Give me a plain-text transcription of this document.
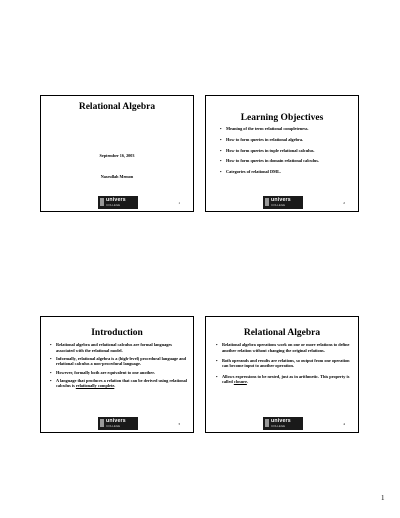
Relational Algebra
September 16, 2003
Nasrullah Memon
univers
COLLEGE	1
Learning Objectives
• Meaning of the term relational completeness.
• How to form queries in relational algebra.
• How to form queries in tuple relational calculus.
• How to form queries in domain relational calculus.
• Categories of relational DML.
univers
COLLEGE	2
Introduction
• Relational algebra and relational calculus are formal languages associated with the relational model.
• Informally, relational algebra is a (high-level) procedural language and relational calculus a non-procedural language.
• However, formally both are equivalent to one another.
• A language that produces a relation that can be derived using relational calculus is relationally complete.
univers
COLLEGE	3
Relational Algebra
• Relational algebra operations work on one or more relations to define another relation without changing the original relations.
• Both operands and results are relations, so output from one operation can become input to another operation.
• Allows expressions to be nested, just as in arithmetic. This property is called closure.
univers
COLLEGE	4
1
